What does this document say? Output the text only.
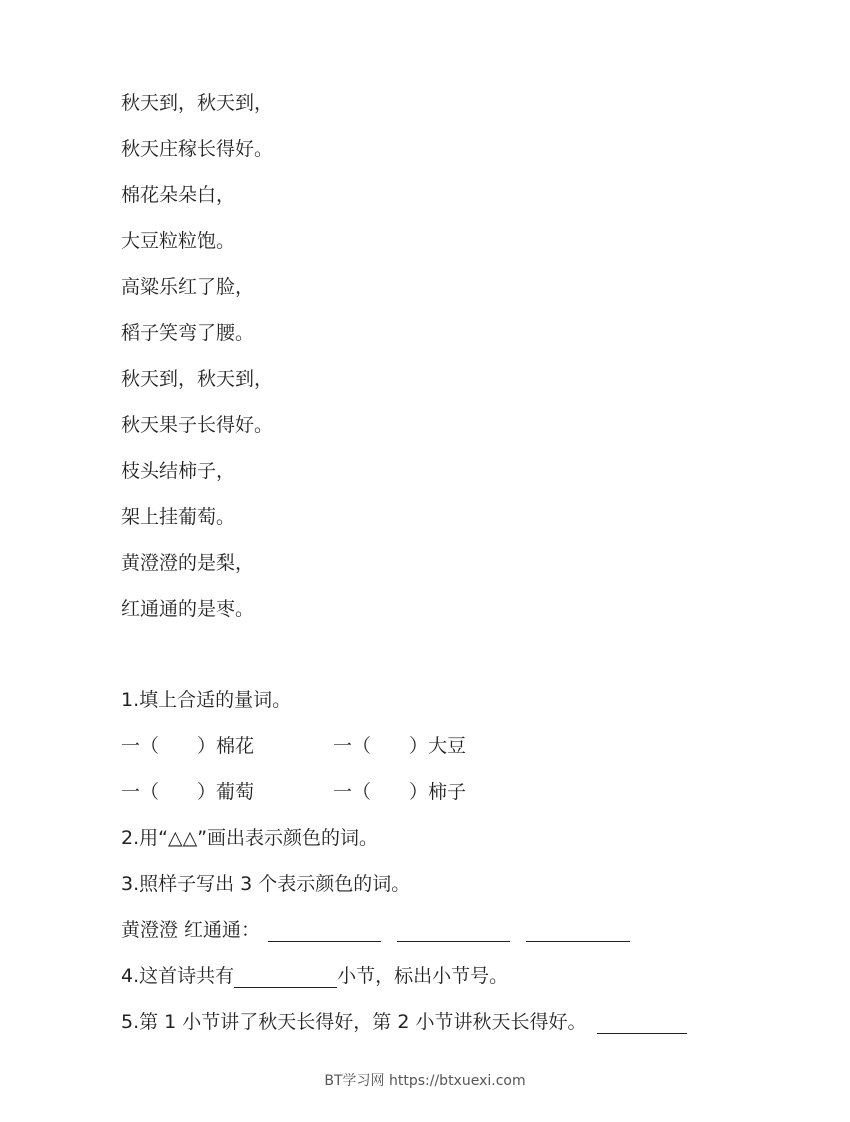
秋天到，秋天到，
秋天庄稼长得好。
棉花朵朵白，
大豆粒粒饱。
高粱乐红了脸，
稻子笑弯了腰。
秋天到，秋天到，
秋天果子长得好。
枝头结柿子，
架上挂葡萄。
黄澄澄的是梨，
红通通的是枣。
1.填上合适的量词。
一（　　）棉花	一（　　）大豆
一（　　）葡萄	一（　　）柿子
2.用“△△”画出表示颜色的词。
3.照样子写出 3 个表示颜色的词。
黄澄澄 红通通：
4.这首诗共有	小节，标出小节号。
5.第 1 小节讲了秋天长得好，第 2 小节讲秋天长得好。
BT学习网 https://btxuexi.com
